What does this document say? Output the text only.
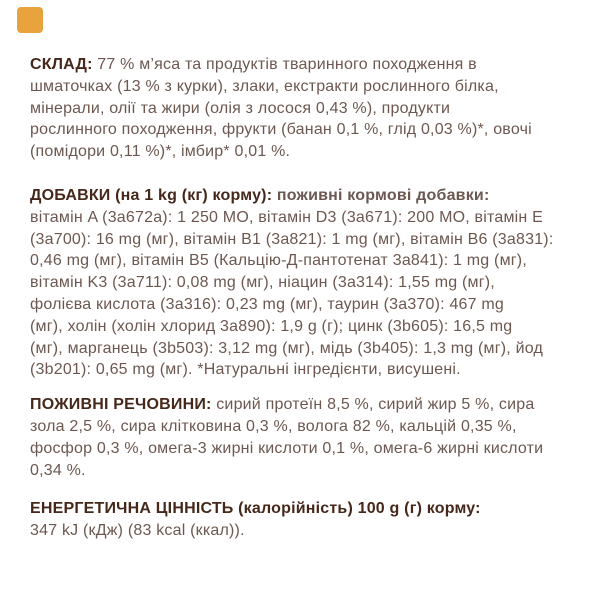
СКЛАД: 77 % м’яса та продуктів тваринного походження в
шматочках (13 % з курки), злаки, екстракти рослинного білка,
мінерали, олії та жири (олія з лосося 0,43 %), продукти
рослинного походження, фрукти (банан 0,1 %, глід 0,03 %)*, овочі
(помідори 0,11 %)*, імбир* 0,01 %.

ДОБАВКИ (на 1 kg (кг) корму): поживні кормові добавки:
вітамін A (3a672a): 1 250 МО, вітамін D3 (3a671): 200 МО, вітамін E
(3a700): 16 mg (мг), вітамін B1 (3a821): 1 mg (мг), вітамін B6 (3a831):
0,46 mg (мг), вітамін B5 (Кальцію-Д-пантотенат 3a841): 1 mg (мг),
вітамін K3 (3a711): 0,08 mg (мг), ніацин (3a314): 1,55 mg (мг),
фолієва кислота (3a316): 0,23 mg (мг), таурин (3a370): 467 mg
(мг), холін (холін хлорид 3a890): 1,9 g (г); цинк (3b605): 16,5 mg
(мг), марганець (3b503): 3,12 mg (мг), мідь (3b405): 1,3 mg (мг), йод
(3b201): 0,65 mg (мг). *Натуральні інгредієнти, висушені.

ПОЖИВНІ РЕЧОВИНИ: сирий протеїн 8,5 %, сирий жир 5 %, сира
зола 2,5 %, сира клітковина 0,3 %, волога 82 %, кальцій 0,35 %,
фосфор 0,3 %, омега-3 жирні кислоти 0,1 %, омега-6 жирні кислоти
0,34 %.

ЕНЕРГЕТИЧНА ЦІННІСТЬ (калорійність) 100 g (г) корму:
347 kJ (кДж) (83 kcal (ккал)).
